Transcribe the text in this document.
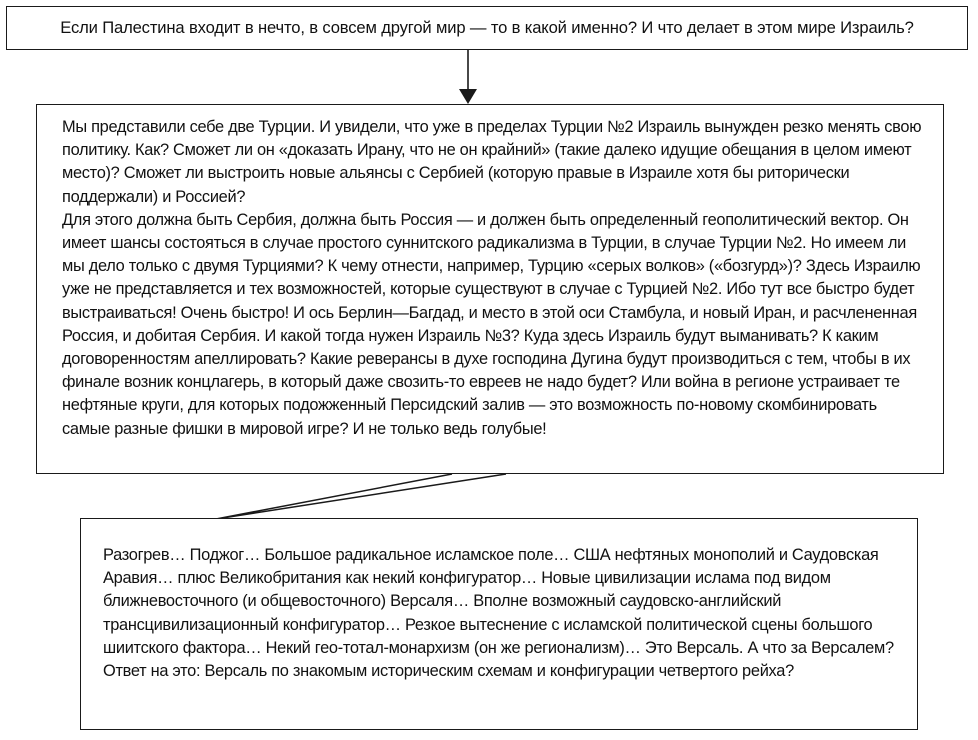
Если Палестина входит в нечто, в совсем другой мир — то в какой именно? И что делает в этом мире Израиль?

Мы представили себе две Турции. И увидели, что уже в пределах Турции №2 Израиль вынужден резко менять свою политику. Как? Сможет ли он «доказать Ирану, что не он крайний» (такие далеко идущие обещания в целом имеют место)? Сможет ли выстроить новые альянсы с Сербией (которую правые в Израиле хотя бы риторически поддержали) и Россией?

Для этого должна быть Сербия, должна быть Россия — и должен быть определенный геополитический вектор. Он имеет шансы состояться в случае простого суннитского радикализма в Турции, в случае Турции №2. Но имеем ли мы дело только с двумя Турциями? К чему отнести, например, Турцию «серых волков» («бозгурд»)? Здесь Израилю уже не представляется и тех возможностей, которые существуют в случае с Турцией №2. Ибо тут все быстро будет выстраиваться! Очень быстро! И ось Берлин—Багдад, и место в этой оси Стамбула, и новый Иран, и расчлененная Россия, и добитая Сербия. И какой тогда нужен Израиль №3? Куда здесь Израиль будут выманивать? К каким договоренностям апеллировать? Какие реверансы в духе господина Дугина будут производиться с тем, чтобы в их финале возник концлагерь, в который даже свозить-то евреев не надо будет? Или война в регионе устраивает те нефтяные круги, для которых подожженный Персидский залив — это возможность по-новому скомбинировать самые разные фишки в мировой игре? И не только ведь голубые!

Разогрев… Поджог… Большое радикальное исламское поле… США нефтяных монополий и Саудовская Аравия… плюс Великобритания как некий конфигуратор… Новые цивилизации ислама под видом ближневосточного (и общевосточного) Версаля… Вполне возможный саудовско-английский трансцивилизационный конфигуратор… Резкое вытеснение с исламской политической сцены большого шиитского фактора… Некий гео-тотал-монархизм (он же регионализм)… Это Версаль. А что за Версалем? Ответ на это: Версаль по знакомым историческим схемам и конфигурации четвертого рейха?
